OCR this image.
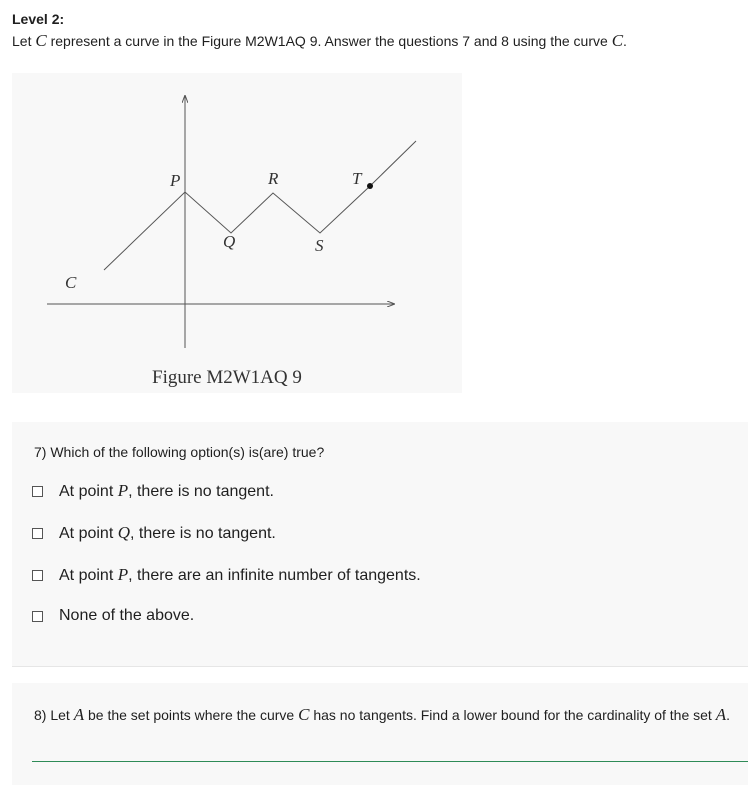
Level 2:
Let C represent a curve in the Figure M2W1AQ 9. Answer the questions 7 and 8 using the curve C.
C
P
Q
R
S
T
Figure M2W1AQ 9
7) Which of the following option(s) is(are) true?
At point P, there is no tangent.
At point Q, there is no tangent.
At point P, there are an infinite number of tangents.
None of the above.
8) Let A be the set points where the curve C has no tangents. Find a lower bound for the cardinality of the set A.
